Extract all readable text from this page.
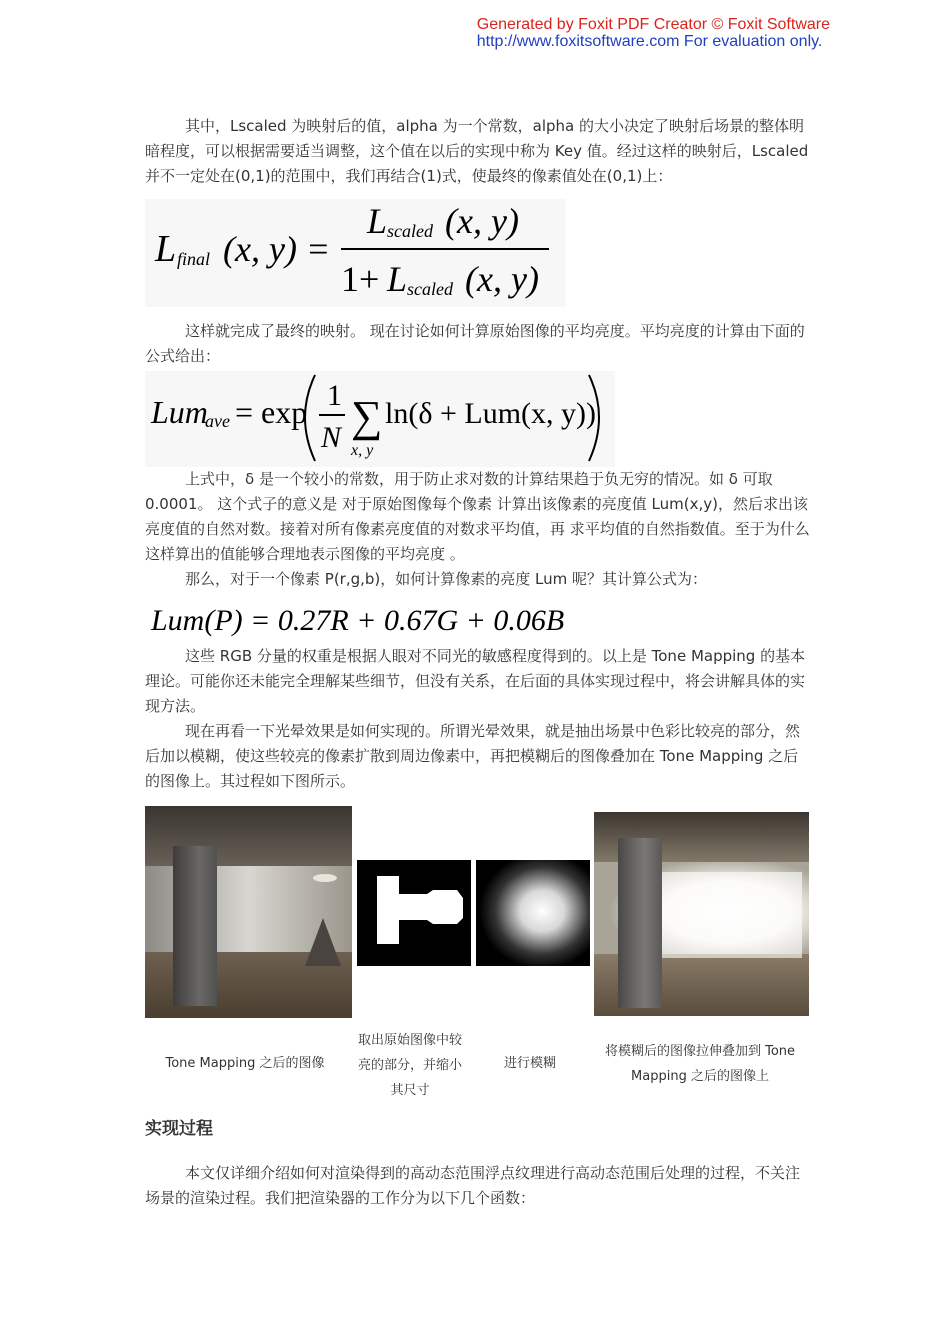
Generated by Foxit PDF Creator © Foxit Software
http://www.foxitsoftware.com For evaluation only.

其中，Lscaled 为映射后的值，alpha 为一个常数，alpha 的大小决定了映射后场景的整体明暗程度，可以根据需要适当调整，这个值在以后的实现中称为 Key 值。经过这样的映射后，Lscaled 并不一定处在(0,1)的范围中，我们再结合(1)式，使最终的像素值处在(0,1)上：

L final (x, y) =
L scaled (x, y)
1+ L scaled (x, y)

这样就完成了最终的映射。 现在讨论如何计算原始图像的平均亮度。平均亮度的计算由下面的公式给出：

Lum
ave = exp 1
N ∑
x, y
ln(δ + Lum(x, y))

上式中，δ 是一个较小的常数，用于防止求对数的计算结果趋于负无穷的情况。如 δ 可取 0.0001。 这个式子的意义是 对于原始图像每个像素 计算出该像素的亮度值 Lum(x,y)，然后求出该亮度值的自然对数。接着对所有像素亮度值的对数求平均值，再 求平均值的自然指数值。至于为什么这样算出的值能够合理地表示图像的平均亮度 。

那么，对于一个像素 P(r,g,b)，如何计算像素的亮度 Lum 呢？其计算公式为：

Lum(P) = 0.27R + 0.67G + 0.06B

这些 RGB 分量的权重是根据人眼对不同光的敏感程度得到的。以上是 Tone Mapping 的基本理论。可能你还未能完全理解某些细节，但没有关系，在后面的具体实现过程中，将会讲解具体的实现方法。

现在再看一下光晕效果是如何实现的。所谓光晕效果，就是抽出场景中色彩比较亮的部分，然后加以模糊，使这些较亮的像素扩散到周边像素中，再把模糊后的图像叠加在 Tone Mapping 之后的图像上。其过程如下图所示。

Tone Mapping 之后的图像
取出原始图像中较
亮的部分，并缩小
其尺寸
进行模糊
将模糊后的图像拉伸叠加到 Tone
Mapping 之后的图像上
实现过程

本文仅详细介绍如何对渲染得到的高动态范围浮点纹理进行高动态范围后处理的过程，不关注场景的渲染过程。我们把渲染器的工作分为以下几个函数：
